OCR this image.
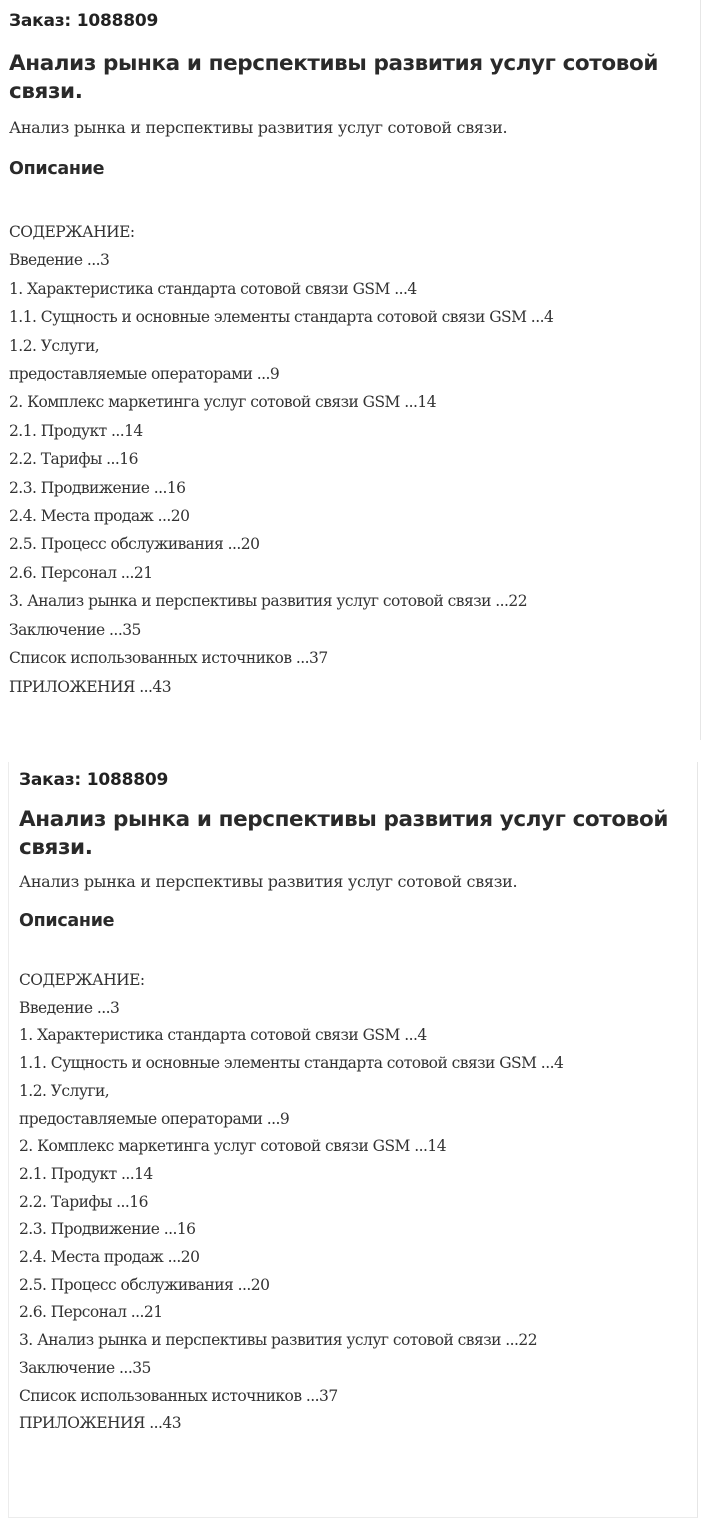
Заказ: 1088809
Анализ рынка и перспективы развития услуг сотовой связи.
Анализ рынка и перспективы развития услуг сотовой связи.
Описание
СОДЕРЖАНИЕ:
Введение ...3
1. Характеристика стандарта сотовой связи GSM ...4
1.1. Сущность и основные элементы стандарта сотовой связи GSM ...4
1.2. Услуги,
предоставляемые операторами ...9
2. Комплекс маркетинга услуг сотовой связи GSM ...14
2.1. Продукт ...14
2.2. Тарифы ...16
2.3. Продвижение ...16
2.4. Места продаж ...20
2.5. Процесс обслуживания ...20
2.6. Персонал ...21
3. Анализ рынка и перспективы развития услуг сотовой связи ...22
Заключение ...35
Список использованных источников ...37
ПРИЛОЖЕНИЯ ...43
Заказ: 1088809
Анализ рынка и перспективы развития услуг сотовой связи.
Анализ рынка и перспективы развития услуг сотовой связи.
Описание
СОДЕРЖАНИЕ:
Введение ...3
1. Характеристика стандарта сотовой связи GSM ...4
1.1. Сущность и основные элементы стандарта сотовой связи GSM ...4
1.2. Услуги,
предоставляемые операторами ...9
2. Комплекс маркетинга услуг сотовой связи GSM ...14
2.1. Продукт ...14
2.2. Тарифы ...16
2.3. Продвижение ...16
2.4. Места продаж ...20
2.5. Процесс обслуживания ...20
2.6. Персонал ...21
3. Анализ рынка и перспективы развития услуг сотовой связи ...22
Заключение ...35
Список использованных источников ...37
ПРИЛОЖЕНИЯ ...43
